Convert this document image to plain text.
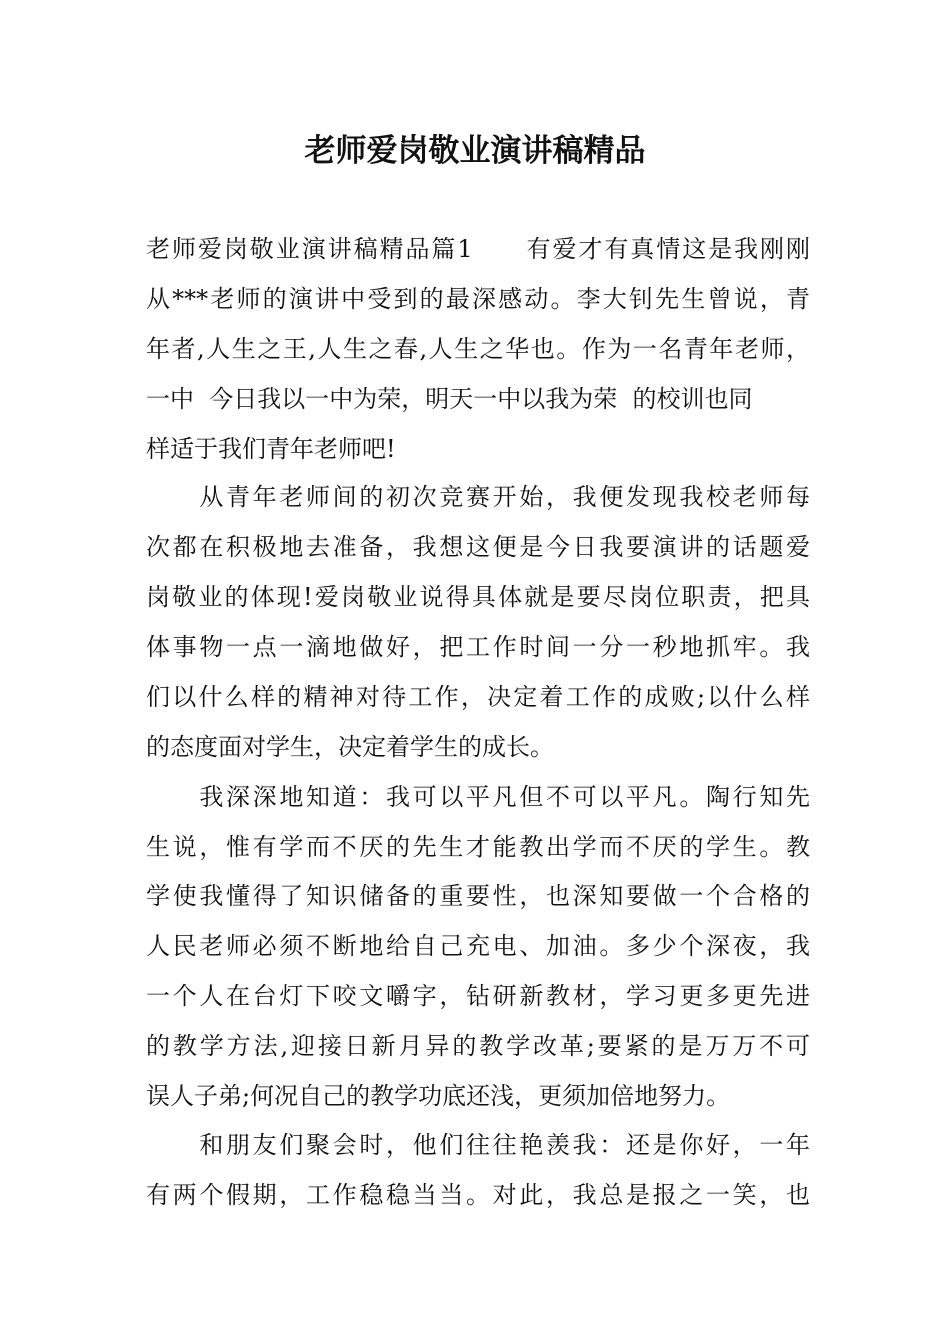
老师爱岗敬业演讲稿精品
老师爱岗敬业演讲稿精品篇1　　有爱才有真情这是我刚刚
从***老师的演讲中受到的最深感动。李大钊先生曾说，青
年者,人生之王,人生之春,人生之华也。作为一名青年老师，
一中  今日我以一中为荣，明天一中以我为荣  的校训也同
样适于我们青年老师吧!
　　从青年老师间的初次竞赛开始，我便发现我校老师每
次都在积极地去准备，我想这便是今日我要演讲的话题爱
岗敬业的体现!爱岗敬业说得具体就是要尽岗位职责，把具
体事物一点一滴地做好，把工作时间一分一秒地抓牢。我
们以什么样的精神对待工作，决定着工作的成败;以什么样
的态度面对学生，决定着学生的成长。
　　我深深地知道：我可以平凡但不可以平凡。陶行知先
生说，惟有学而不厌的先生才能教出学而不厌的学生。教
学使我懂得了知识储备的重要性，也深知要做一个合格的
人民老师必须不断地给自己充电、加油。多少个深夜，我
一个人在台灯下咬文嚼字，钻研新教材，学习更多更先进
的教学方法,迎接日新月异的教学改革;要紧的是万万不可
误人子弟;何况自己的教学功底还浅，更须加倍地努力。
　　和朋友们聚会时，他们往往艳羡我：还是你好，一年
有两个假期，工作稳稳当当。对此，我总是报之一笑，也
